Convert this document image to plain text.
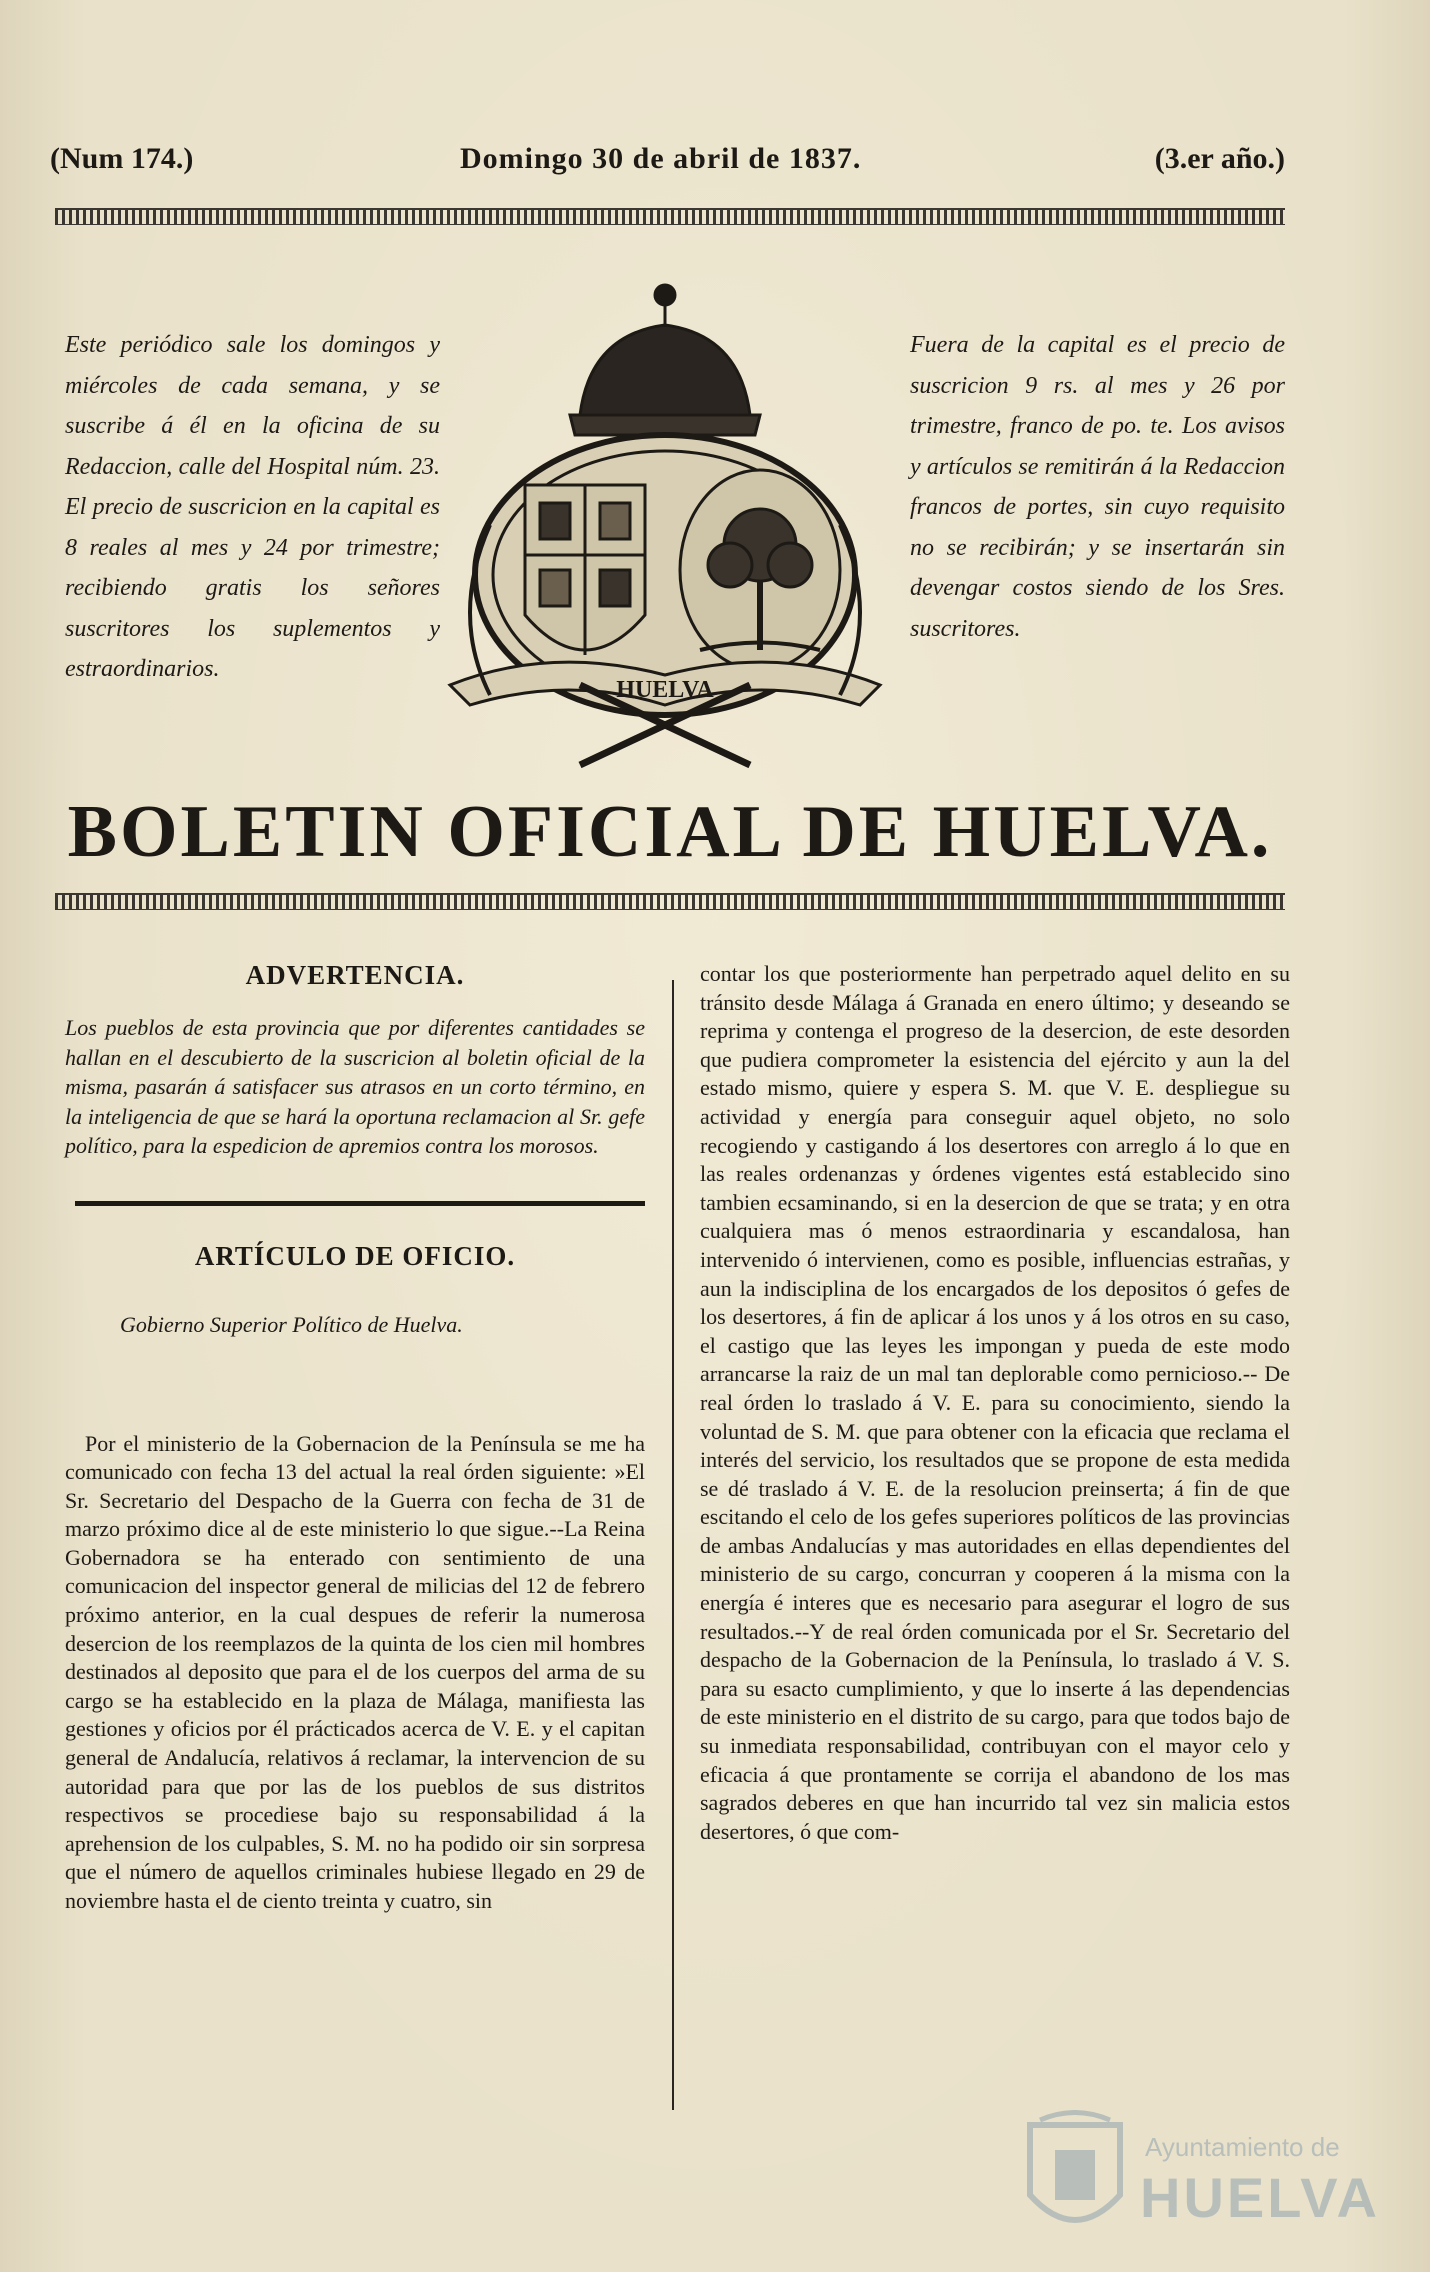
(Num 174.)	Domingo 30 de abril de 1837.	(3.er año.)
Este periódico sale los domingos y miércoles de cada semana, y se suscribe á él en la oficina de su Redaccion, calle del Hospital núm. 23. El precio de suscricion en la capital es 8 reales al mes y 24 por trimestre; recibiendo gratis los señores suscritores los suplementos y estraordinarios.
Fuera de la capital es el precio de suscricion 9 rs. al mes y 26 por trimestre, franco de po. te. Los avisos y artículos se remitirán á la Redaccion francos de portes, sin cuyo requisito no se recibirán; y se insertarán sin devengar costos siendo de los Sres. suscritores.
HUELVA
BOLETIN OFICIAL DE HUELVA.
ADVERTENCIA.

Los pueblos de esta provincia que por diferentes cantidades se hallan en el descubierto de la suscricion al boletin oficial de la misma, pasarán á satisfacer sus atrasos en un corto término, en la inteligencia de que se hará la oportuna reclamacion al Sr. gefe político, para la espedicion de apremios contra los morosos.

ARTÍCULO DE OFICIO.
Gobierno Superior Político de Huelva.

Por el ministerio de la Gobernacion de la Península se me ha comunicado con fecha 13 del actual la real órden siguiente: »El Sr. Secretario del Despacho de la Guerra con fecha de 31 de marzo próximo dice al de este ministerio lo que sigue.--La Reina Gobernadora se ha enterado con sentimiento de una comunicacion del inspector general de milicias del 12 de febrero próximo anterior, en la cual despues de referir la numerosa desercion de los reemplazos de la quinta de los cien mil hombres destinados al deposito que para el de los cuerpos del arma de su cargo se ha establecido en la plaza de Málaga, manifiesta las gestiones y oficios por él prácticados acerca de V. E. y el capitan general de Andalucía, relativos á reclamar, la intervencion de su autoridad para que por las de los pueblos de sus distritos respectivos se procediese bajo su responsabilidad á la aprehension de los culpables, S. M. no ha podido oir sin sorpresa que el número de aquellos criminales hubiese llegado en 29 de noviembre hasta el de ciento treinta y cuatro, sin

contar los que posteriormente han perpetrado aquel delito en su tránsito desde Málaga á Granada en enero último; y deseando se reprima y contenga el progreso de la desercion, de este desorden que pudiera comprometer la esistencia del ejército y aun la del estado mismo, quiere y espera S. M. que V. E. despliegue su actividad y energía para conseguir aquel objeto, no solo recogiendo y castigando á los desertores con arreglo á lo que en las reales ordenanzas y órdenes vigentes está establecido sino tambien ecsaminando, si en la desercion de que se trata; y en otra cualquiera mas ó menos estraordinaria y escandalosa, han intervenido ó intervienen, como es posible, influencias estrañas, y aun la indisciplina de los encargados de los depositos ó gefes de los desertores, á fin de aplicar á los unos y á los otros en su caso, el castigo que las leyes les impongan y pueda de este modo arrancarse la raiz de un mal tan deplorable como pernicioso.-- De real órden lo traslado á V. E. para su conocimiento, siendo la voluntad de S. M. que para obtener con la eficacia que reclama el interés del servicio, los resultados que se propone de esta medida se dé traslado á V. E. de la resolucion preinserta; á fin de que escitando el celo de los gefes superiores políticos de las provincias de ambas Andalucías y mas autoridades en ellas dependientes del ministerio de su cargo, concurran y cooperen á la misma con la energía é interes que es necesario para asegurar el logro de sus resultados.--Y de real órden comunicada por el Sr. Secretario del despacho de la Gobernacion de la Península, lo traslado á V. S. para su esacto cumplimiento, y que lo inserte á las dependencias de este ministerio en el distrito de su cargo, para que todos bajo de su inmediata responsabilidad, contribuyan con el mayor celo y eficacia á que prontamente se corrija el abandono de los mas sagrados deberes en que han incurrido tal vez sin malicia estos desertores, ó que com-

Ayuntamiento de
HUELVA
